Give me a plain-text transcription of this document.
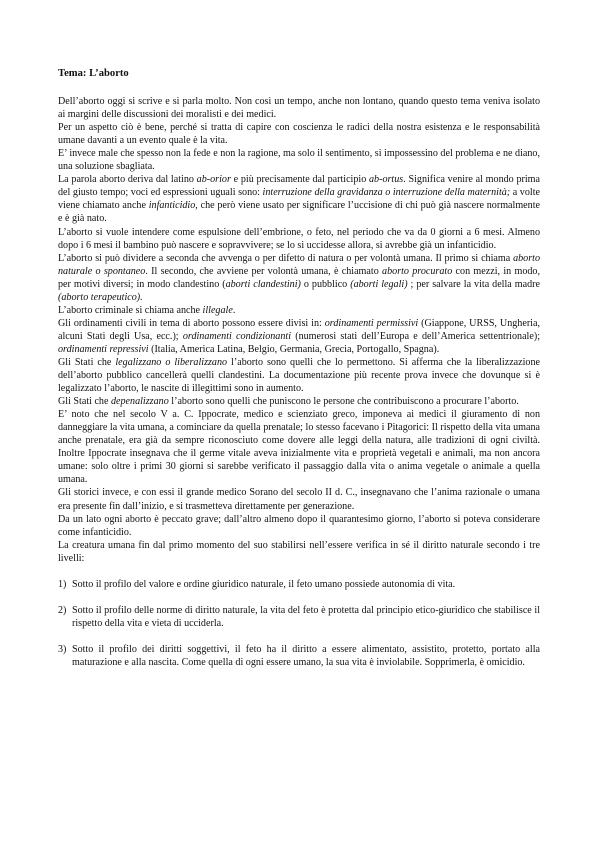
Tema: L’aborto

Dell’aborto oggi si scrive e si parla molto. Non così un tempo, anche non lontano, quando questo tema veniva isolato ai margini delle discussioni dei moralisti e dei medici.

Per un aspetto ciò è bene, perché si tratta di capire con coscienza le radici della nostra esistenza e le responsabilità umane davanti a un evento quale è la vita.

E’ invece male che spesso non la fede e non la ragione, ma solo il sentimento, si impossessino del problema e ne diano, una soluzione sbagliata.

La parola aborto deriva dal latino ab-orior e più precisamente dal participio ab-ortus. Significa venire al mondo prima del giusto tempo; voci ed espressioni uguali sono: interruzione della gravidanza o interruzione della maternità; a volte viene chiamato anche infanticidio, che però viene usato per significare l’uccisione di chi può già nascere normalmente e è già nato.

L’aborto si vuole intendere come espulsione dell’embrione, o feto, nel periodo che va da 0 giorni a 6 mesi. Almeno dopo i 6 mesi il bambino può nascere e sopravvivere; se lo si uccidesse allora, si avrebbe già un infanticidio.

L’aborto si può dividere a seconda che avvenga o per difetto di natura o per volontà umana. Il primo si chiama aborto naturale o spontaneo. Il secondo, che avviene per volontà umana, è chiamato aborto procurato con mezzi, in modo, per motivi diversi; in modo clandestino (aborti clandestini) o pubblico (aborti legali) ; per salvare la vita della madre (aborto terapeutico).

L’aborto criminale si chiama anche illegale.

Gli ordinamenti civili in tema di aborto possono essere divisi in: ordinamenti permissivi (Giappone, URSS, Ungheria, alcuni Stati degli Usa, ecc.); ordinamenti condizionanti (numerosi stati dell’Europa e dell’America settentrionale); ordinamenti repressivi (Italia, America Latina, Belgio, Germania, Grecia, Portogallo, Spagna).

Gli Stati che legalizzano o liberalizzano l’aborto sono quelli che lo permettono. Si afferma che la liberalizzazione dell’aborto pubblico cancellerà quelli clandestini. La documentazione più recente prova invece che dovunque si è legalizzato l’aborto, le nascite di illegittimi sono in aumento.

Gli Stati che depenalizzano l’aborto sono quelli che puniscono le persone che contribuiscono a procurare l’aborto.

E’ noto che nel secolo V a. C. Ippocrate, medico e scienziato greco, imponeva ai medici il giuramento di non danneggiare la vita umana, a cominciare da quella prenatale; lo stesso facevano i Pitagorici: Il rispetto della vita umana anche prenatale, era già da sempre riconosciuto come dovere alle leggi della natura, alle tradizioni di ogni civiltà. Inoltre Ippocrate insegnava che il germe vitale aveva inizialmente vita e proprietà vegetali e animali, ma non ancora umane: solo oltre i primi 30 giorni si sarebbe verificato il passaggio dalla vita o anima vegetale o animale a quella umana.

Gli storici invece, e con essi il grande medico Sorano del secolo II d. C., insegnavano che l’anima razionale o umana era presente fin dall’inizio, e si trasmetteva direttamente per generazione.

Da un lato ogni aborto è peccato grave; dall’altro almeno dopo il quarantesimo giorno, l’aborto si poteva considerare come infanticidio.

La creatura umana fin dal primo momento del suo stabilirsi nell’essere verifica in sé il diritto naturale secondo i tre livelli:

1) Sotto il profilo del valore e ordine giuridico naturale, il feto umano possiede autonomia di vita.
2) Sotto il profilo delle norme di diritto naturale, la vita del feto è protetta dal principio etico-giuridico che stabilisce il rispetto della vita e vieta di ucciderla.
3) Sotto il profilo dei diritti soggettivi, il feto ha il diritto a essere alimentato, assistito, protetto, portato alla maturazione e alla nascita. Come quella di ogni essere umano, la sua vita è inviolabile. Sopprimerla, è omicidio.
